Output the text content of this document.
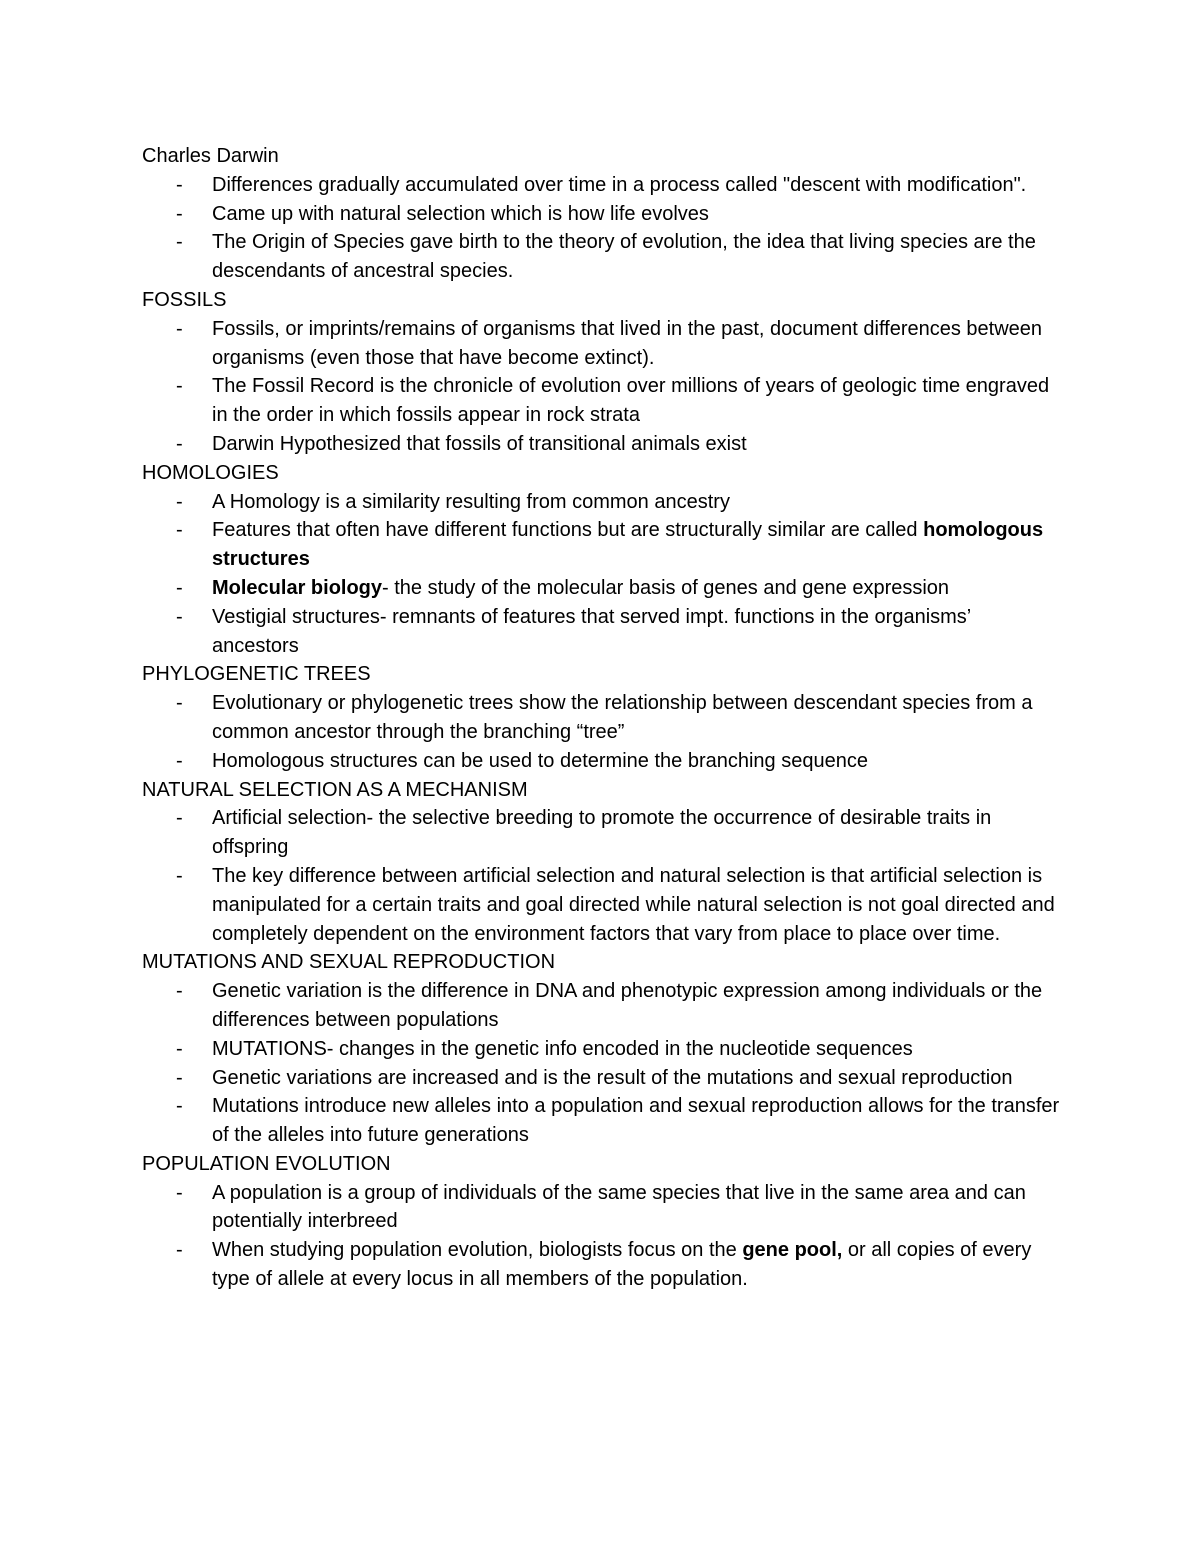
Charles Darwin
- Differences gradually accumulated over time in a process called "descent with modification".
- Came up with natural selection which is how life evolves
- The Origin of Species gave birth to the theory of evolution, the idea that living species are the descendants of ancestral species.
FOSSILS
- Fossils, or imprints/remains of organisms that lived in the past, document differences between organisms (even those that have become extinct).
- The Fossil Record is the chronicle of evolution over millions of years of geologic time engraved in the order in which fossils appear in rock strata
- Darwin Hypothesized that fossils of transitional animals exist
HOMOLOGIES
- A Homology is a similarity resulting from common ancestry
- Features that often have different functions but are structurally similar are called homologous structures
- Molecular biology- the study of the molecular basis of genes and gene expression
- Vestigial structures- remnants of features that served impt. functions in the organisms’ ancestors
PHYLOGENETIC TREES
- Evolutionary or phylogenetic trees show the relationship between descendant species from a common ancestor through the branching “tree”
- Homologous structures can be used to determine the branching sequence
NATURAL SELECTION AS A MECHANISM
- Artificial selection- the selective breeding to promote the occurrence of desirable traits in offspring
- The key difference between artificial selection and natural selection is that artificial selection is manipulated for a certain traits and goal directed while natural selection is not goal directed and completely dependent on the environment factors that vary from place to place over time.
MUTATIONS AND SEXUAL REPRODUCTION
- Genetic variation is the difference in DNA and phenotypic expression among individuals or the differences between populations
- MUTATIONS- changes in the genetic info encoded in the nucleotide sequences
- Genetic variations are increased and is the result of the mutations and sexual reproduction
- Mutations introduce new alleles into a population and sexual reproduction allows for the transfer of the alleles into future generations
POPULATION EVOLUTION
- A population is a group of individuals of the same species that live in the same area and can potentially interbreed
- When studying population evolution, biologists focus on the gene pool, or all copies of every type of allele at every locus in all members of the population.
